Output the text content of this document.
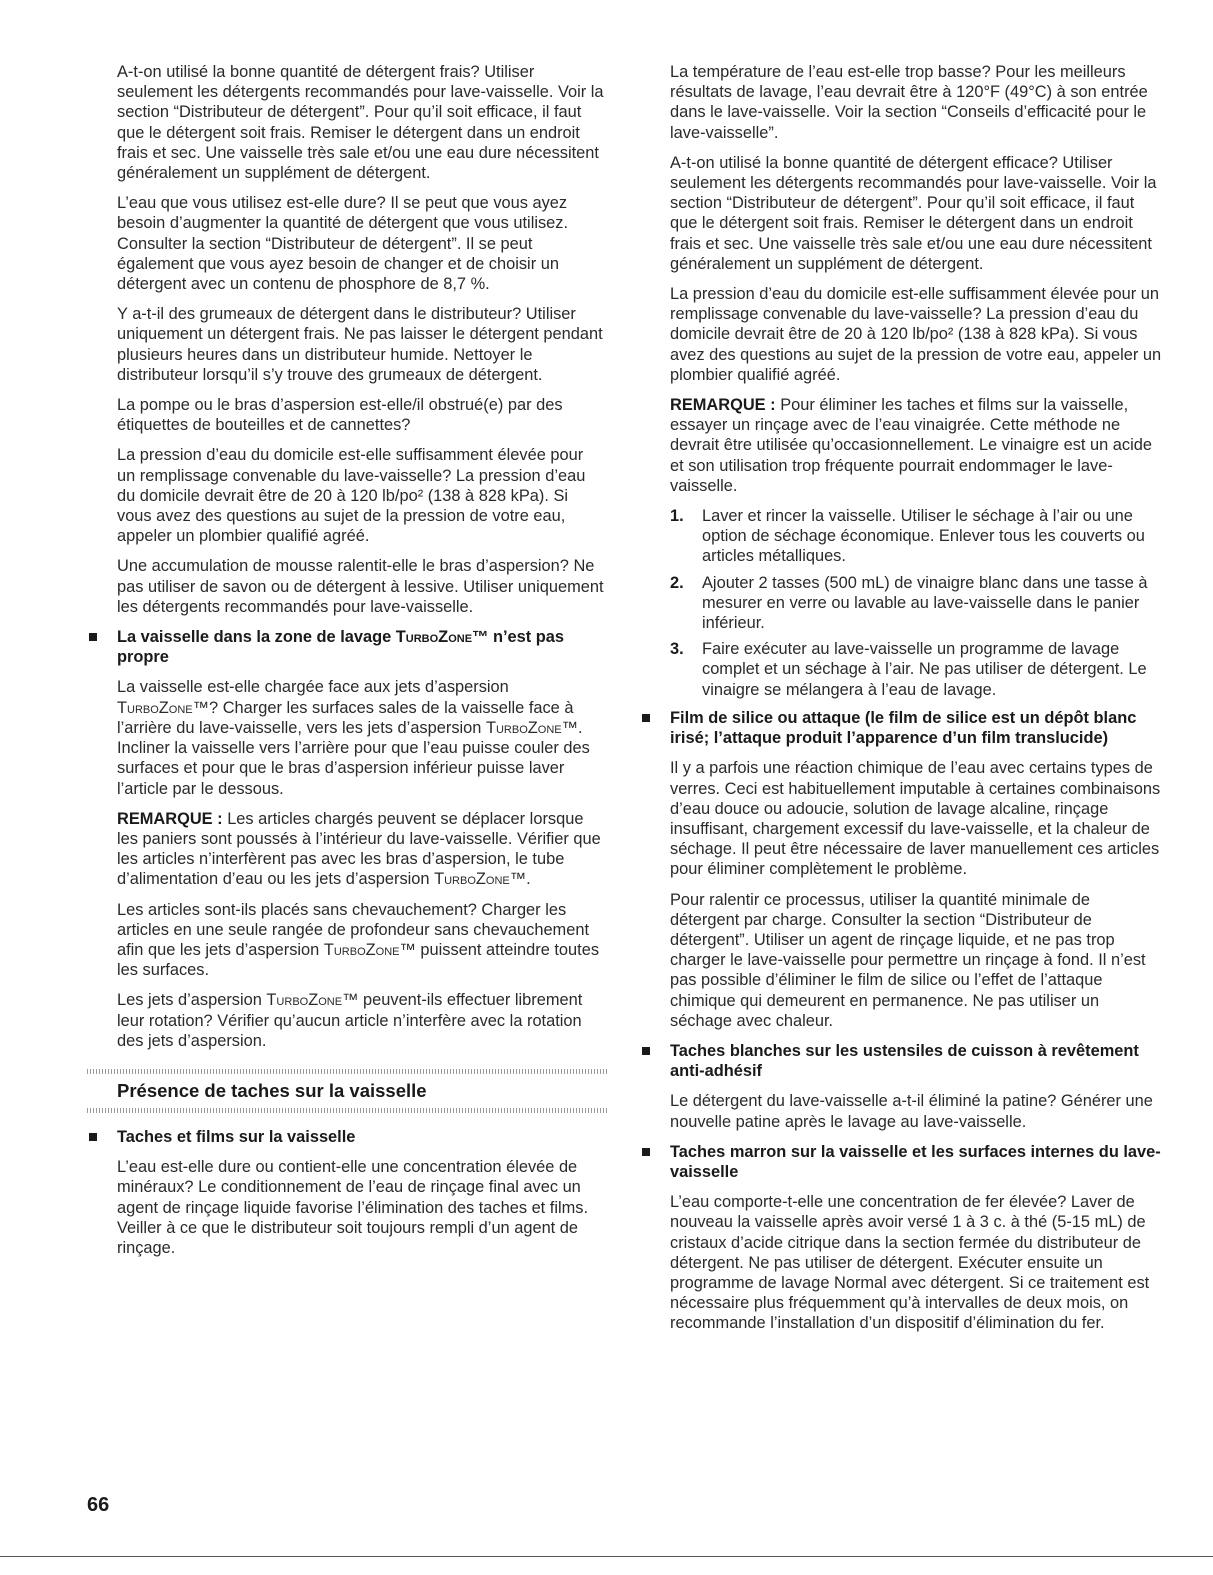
A-t-on utilisé la bonne quantité de détergent frais? Utiliser seulement les détergents recommandés pour lave-vaisselle. Voir la section “Distributeur de détergent”. Pour qu’il soit efficace, il faut que le détergent soit frais. Remiser le détergent dans un endroit frais et sec. Une vaisselle très sale et/ou une eau dure nécessitent généralement un supplément de détergent.

L’eau que vous utilisez est-elle dure? Il se peut que vous ayez besoin d’augmenter la quantité de détergent que vous utilisez. Consulter la section “Distributeur de détergent”. Il se peut également que vous ayez besoin de changer et de choisir un détergent avec un contenu de phosphore de 8,7 %.

Y a-t-il des grumeaux de détergent dans le distributeur? Utiliser uniquement un détergent frais. Ne pas laisser le détergent pendant plusieurs heures dans un distributeur humide. Nettoyer le distributeur lorsqu’il s’y trouve des grumeaux de détergent.

La pompe ou le bras d’aspersion est-elle/il obstrué(e) par des étiquettes de bouteilles et de cannettes?

La pression d’eau du domicile est-elle suffisamment élevée pour un remplissage convenable du lave-vaisselle? La pression d’eau du domicile devrait être de 20 à 120 lb/po² (138 à 828 kPa). Si vous avez des questions au sujet de la pression de votre eau, appeler un plombier qualifié agréé.

Une accumulation de mousse ralentit-elle le bras d’aspersion? Ne pas utiliser de savon ou de détergent à lessive. Utiliser uniquement les détergents recommandés pour lave-vaisselle.

La vaisselle dans la zone de lavage TurboZone™ n’est pas propre

La vaisselle est-elle chargée face aux jets d’aspersion TurboZone™? Charger les surfaces sales de la vaisselle face à l’arrière du lave-vaisselle, vers les jets d’aspersion TurboZone™. Incliner la vaisselle vers l’arrière pour que l’eau puisse couler des surfaces et pour que le bras d’aspersion inférieur puisse laver l’article par le dessous.

REMARQUE : Les articles chargés peuvent se déplacer lorsque les paniers sont poussés à l’intérieur du lave-vaisselle. Vérifier que les articles n’interfèrent pas avec les bras d’aspersion, le tube d’alimentation d’eau ou les jets d’aspersion TurboZone™.

Les articles sont-ils placés sans chevauchement? Charger les articles en une seule rangée de profondeur sans chevauchement afin que les jets d’aspersion TurboZone™ puissent atteindre toutes les surfaces.

Les jets d’aspersion TurboZone™ peuvent-ils effectuer librement leur rotation? Vérifier qu’aucun article n’interfère avec la rotation des jets d’aspersion.

Présence de taches sur la vaisselle
Taches et films sur la vaisselle

L’eau est-elle dure ou contient-elle une concentration élevée de minéraux? Le conditionnement de l’eau de rinçage final avec un agent de rinçage liquide favorise l’élimination des taches et films. Veiller à ce que le distributeur soit toujours rempli d’un agent de rinçage.

La température de l’eau est-elle trop basse? Pour les meilleurs résultats de lavage, l’eau devrait être à 120°F (49°C) à son entrée dans le lave-vaisselle. Voir la section “Conseils d’efficacité pour le lave-vaisselle”.

A-t-on utilisé la bonne quantité de détergent efficace? Utiliser seulement les détergents recommandés pour lave-vaisselle. Voir la section “Distributeur de détergent”. Pour qu’il soit efficace, il faut que le détergent soit frais. Remiser le détergent dans un endroit frais et sec. Une vaisselle très sale et/ou une eau dure nécessitent généralement un supplément de détergent.

La pression d’eau du domicile est-elle suffisamment élevée pour un remplissage convenable du lave-vaisselle? La pression d’eau du domicile devrait être de 20 à 120 lb/po² (138 à 828 kPa). Si vous avez des questions au sujet de la pression de votre eau, appeler un plombier qualifié agréé.

REMARQUE : Pour éliminer les taches et films sur la vaisselle, essayer un rinçage avec de l’eau vinaigrée. Cette méthode ne devrait être utilisée qu’occasionnellement. Le vinaigre est un acide et son utilisation trop fréquente pourrait endommager le lave-vaisselle.

1. Laver et rincer la vaisselle. Utiliser le séchage à l’air ou une option de séchage économique. Enlever tous les couverts ou articles métalliques.
2. Ajouter 2 tasses (500 mL) de vinaigre blanc dans une tasse à mesurer en verre ou lavable au lave-vaisselle dans le panier inférieur.
3. Faire exécuter au lave-vaisselle un programme de lavage complet et un séchage à l’air. Ne pas utiliser de détergent. Le vinaigre se mélangera à l’eau de lavage.
Film de silice ou attaque (le film de silice est un dépôt blanc irisé; l’attaque produit l’apparence d’un film translucide)

Il y a parfois une réaction chimique de l’eau avec certains types de verres. Ceci est habituellement imputable à certaines combinaisons d’eau douce ou adoucie, solution de lavage alcaline, rinçage insuffisant, chargement excessif du lave-vaisselle, et la chaleur de séchage. Il peut être nécessaire de laver manuellement ces articles pour éliminer complètement le problème.

Pour ralentir ce processus, utiliser la quantité minimale de détergent par charge. Consulter la section “Distributeur de détergent”. Utiliser un agent de rinçage liquide, et ne pas trop charger le lave-vaisselle pour permettre un rinçage à fond. Il n’est pas possible d’éliminer le film de silice ou l’effet de l’attaque chimique qui demeurent en permanence. Ne pas utiliser un séchage avec chaleur.

Taches blanches sur les ustensiles de cuisson à revêtement anti-adhésif

Le détergent du lave-vaisselle a-t-il éliminé la patine? Générer une nouvelle patine après le lavage au lave-vaisselle.

Taches marron sur la vaisselle et les surfaces internes du lave-vaisselle

L’eau comporte-t-elle une concentration de fer élevée? Laver de nouveau la vaisselle après avoir versé 1 à 3 c. à thé (5-15 mL) de cristaux d’acide citrique dans la section fermée du distributeur de détergent. Ne pas utiliser de détergent. Exécuter ensuite un programme de lavage Normal avec détergent. Si ce traitement est nécessaire plus fréquemment qu’à intervalles de deux mois, on recommande l’installation d’un dispositif d’élimination du fer.

66
